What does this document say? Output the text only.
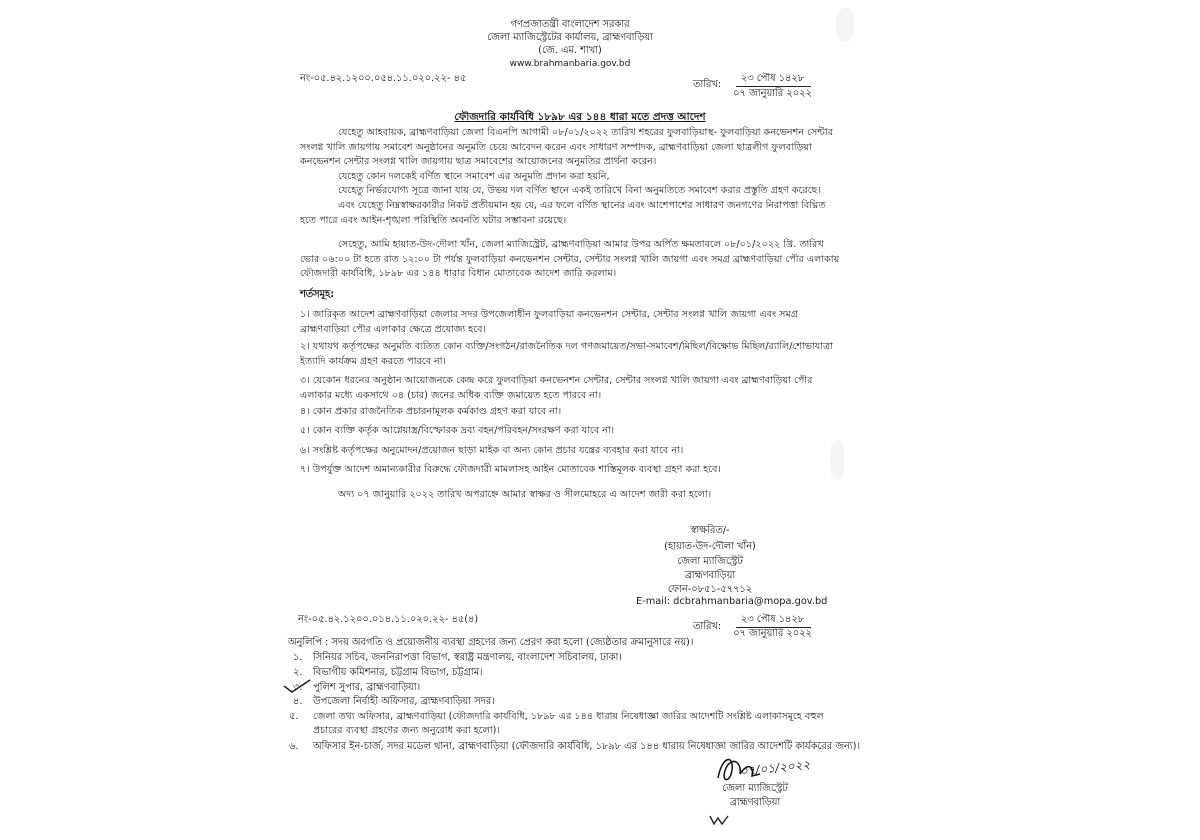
গণপ্রজাতন্ত্রী বাংলাদেশ সরকার
জেলা ম্যাজিস্ট্রেটের কার্যালয়, ব্রাহ্মণবাড়িয়া
(জে. এম. শাখা)
www.brahmanbaria.gov.bd
নং-০৫.৪২.১২০০.০৫৪.১১.০২০.২২- ৪৫
তারিখ:
২৩ পৌষ ১৪২৮
০৭ জানুয়ারি ২০২২
ফৌজদারি কার্যবিধি ১৮৯৮ এর ১৪৪ ধারা মতে প্রদত্ত আদেশ
যেহেতু আহবায়ক, ব্রাহ্মণবাড়িয়া জেলা বিএনপি আগামী ০৮/০১/২০২২ তারিখ শহরের ফুলবাড়িয়াস্থ- ফুলবাড়িয়া কনভেনশন সেন্টার সংলগ্ন খালি জায়গায় সমাবেশ অনুষ্ঠানের অনুমতি চেয়ে আবেদন করেন এবং সাধারণ সম্পাদক, ব্রাহ্মণবাড়িয়া জেলা ছাত্রলীগ ফুলবাড়িয়া কনভেনশন সেন্টার সংলগ্ন খালি জায়গায় ছাত্র সমাবেশের আয়োজনের অনুমতির প্রার্থনা করেন।
যেহেতু কোন দলকেই বর্ণিত স্থানে সমাবেশ এর অনুমতি প্রদান করা হয়নি,
যেহেতু নির্ভরযোগ্য সূত্রে জানা যায় যে, উভয় দল বর্ণিত স্থানে একই তারিখে বিনা অনুমতিতে সমাবেশ করার প্রস্তুতি গ্রহণ করেছে।
এবং যেহেতু নিম্নস্বাক্ষরকারীর নিকট প্রতীয়মান হয় যে, এর ফলে বর্ণিত স্থানের এবং আশেপাশের সাধারণ জনগণের নিরাপত্তা বিঘ্নিত হতে পারে এবং আইন-শৃঙ্খলা পরিস্থিতি অবনতি ঘটার সম্ভাবনা রয়েছে।
সেহেতু, আমি হায়াত-উদ-দৌলা খাঁন, জেলা ম্যাজিস্ট্রেট, ব্রাহ্মণবাড়িয়া আমার উপর অর্পিত ক্ষমতাবলে ০৮/০১/২০২২ খ্রি. তারিখ ভোর ০৬:০০ টা হতে রাত ১২:০০ টা পর্যন্ত ফুলবাড়িয়া কনভেনশন সেন্টার, সেন্টার সংলগ্ন খালি জায়গা এবং সমগ্র ব্রাহ্মণবাড়িয়া পৌর এলাকায় ফৌজদারী কার্যবিধি, ১৮৯৮ এর ১৪৪ ধারার বিধান মোতাবেক আদেশ জারি করলাম।
শর্তসমূহ:
১। জারিকৃত আদেশ ব্রাহ্মণবাড়িয়া জেলার সদর উপজেলাধীন ফুলবাড়িয়া কনভেনশন সেন্টার, সেন্টার সংলগ্ন খালি জায়গা এবং সমগ্র ব্রাহ্মণবাড়িয়া পৌর এলাকার ক্ষেত্রে প্রযোজ্য হবে।
২। যথাযথ কর্তৃপক্ষের অনুমতি ব্যতিত কোন ব্যক্তি/সংগঠন/রাজনৈতিক দল গণজমায়েত/সভা-সমাবেশ/মিছিল/বিক্ষোভ মিছিল/র‍্যালি/শোভাযাত্রা ইত্যাদি কার্যক্রম গ্রহণ করতে পারবে না।
৩। যেকোন ধরনের অনুষ্ঠান আয়োজনকে কেন্দ্র করে ফুলবাড়িয়া কনভেনশন সেন্টার, সেন্টার সংলগ্ন খালি জায়গা এবং ব্রাহ্মণবাড়িয়া পৌর এলাকার মধ্যে একসাথে ০৪ (চার) জনের অধিক ব্যক্তি জমায়েত হতে পারবে না।
৪। কোন প্রকার রাজনৈতিক প্রচারনামূলক কর্মকাণ্ড গ্রহণ করা যাবে না।
৫। কোন ব্যক্তি কর্তৃক আগ্নেয়াস্ত্র/বিস্ফোরক দ্রব্য বহন/পরিবহন/সংরক্ষণ করা যাবে না।
৬। সংশ্লিষ্ট কর্তৃপক্ষের অনুমোদন/প্রয়োজন ছাড়া মাইক বা অন্য কোন প্রচার যন্ত্রের ব্যবহার করা যাবে না।
৭। উপর্যুক্ত আদেশ অমান্যকারীর বিরুদ্ধে ফৌজদারী মামলাসহ আইন মোতাবেক শাস্তিমূলক ব্যবস্থা গ্রহণ করা হবে।
অদ্য ০৭ জানুয়ারি ২০২২ তারিখ অপরাহ্নে আমার স্বাক্ষর ও সীলমোহরে এ আদেশ জারী করা হলো।
স্বাক্ষরিত/-
(হায়াত-উদ-দৌলা খাঁন)
জেলা ম্যাজিস্ট্রেট
ব্রাহ্মণবাড়িয়া
ফোন-০৮৫১-৫৭৭১২
E-mail: dcbrahmanbaria@mopa.gov.bd
নং-০৫.৪২.১২০০.০১৪.১১.০২০.২২- ৪৫(৪)
তারিখ:
২৩ পৌষ ১৪২৮
০৭ জানুয়ারি ২০২২
অনুলিপি : সদয় অবগতি ও প্রয়োজনীয় ব্যবস্থা গ্রহণের জন্য প্রেরণ করা হলো (জ্যেষ্ঠতার ক্রমানুসারে নয়)।
১. সিনিয়র সচিব, জননিরাপত্তা বিভাগ, স্বরাষ্ট্র মন্ত্রণালয়, বাংলাদেশ সচিবালয়, ঢাকা।
২. বিভাগীয় কমিশনার, চট্টগ্রাম বিভাগ, চট্টগ্রাম।
৩. পুলিশ সুপার, ব্রাহ্মণবাড়িয়া।
৪. উপজেলা নির্বাহী অফিসার, ব্রাহ্মণবাড়িয়া সদর।
৫. জেলা তথ্য অফিসার, ব্রাহ্মণবাড়িয়া (ফৌজদারি কার্যবিধি, ১৮৯৮ এর ১৪৪ ধারায় নিষেধাজ্ঞা জারির আদেশটি সংশ্লিষ্ট এলাকাসমূহে বহুল প্রচারের ব্যবস্থা গ্রহণের জন্য অনুরোধ করা হলো)।
৬. অফিসার ইন-চার্জ, সদর মডেল থানা, ব্রাহ্মণবাড়িয়া (ফৌজদারি কার্যবিধি, ১৮৯৮ এর ১৪৪ ধারায় নিষেধাজ্ঞা জারির আদেশটি কার্যকরের জন্য)।
০৭/০১/২০২২
জেলা ম্যাজিস্ট্রেট
ব্রাহ্মণবাড়িয়া
